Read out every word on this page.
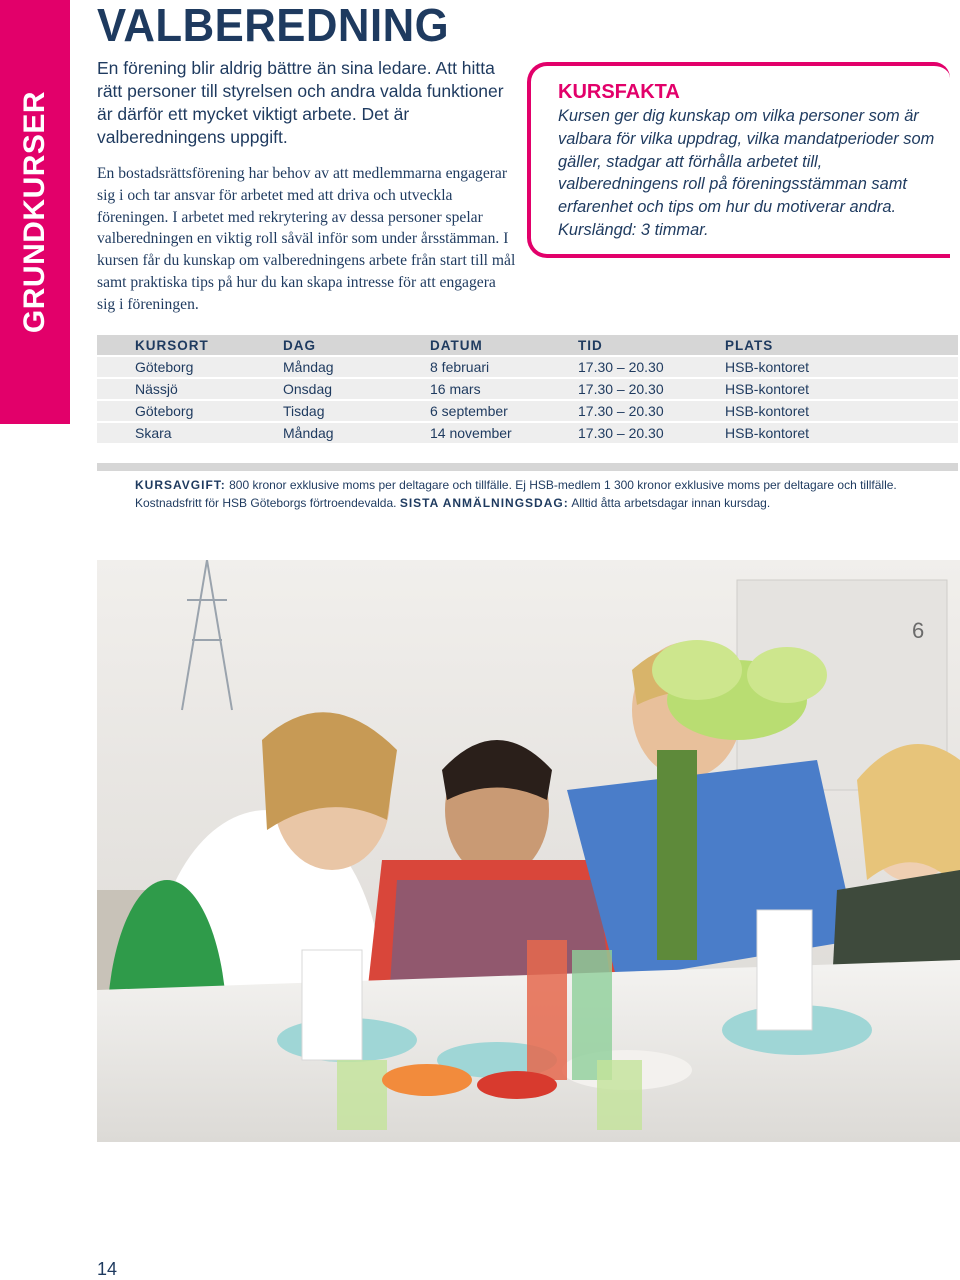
GRUNDKURSER
VALBEREDNING

En förening blir aldrig bättre än sina ledare. Att hitta rätt personer till styrelsen och andra valda funktioner är därför ett mycket viktigt arbete. Det är valberedningens uppgift.

En bostadsrättsförening har behov av att medlemmarna engagerar sig i och tar ansvar för arbetet med att driva och utveckla föreningen. I arbetet med rekrytering av dessa personer spelar valberedningen en viktig roll såväl inför som under årsstämman. I kursen får du kunskap om valberedningens arbete från start till mål samt praktiska tips på hur du kan skapa intresse för att engagera sig i föreningen.

KURSFAKTA

Kursen ger dig kunskap om vilka personer som är valbara för vilka uppdrag, vilka mandatperioder som gäller, stadgar att förhålla arbetet till, valberedningens roll på föreningsstämman samt erfarenhet och tips om hur du motiverar andra. Kurslängd: 3 timmar.

KURSORT	DAG	DATUM	TID	PLATS
Göteborg	Måndag	8 februari	17.30 – 20.30	HSB-kontoret
Nässjö	Onsdag	16 mars	17.30 – 20.30	HSB-kontoret
Göteborg	Tisdag	6 september	17.30 – 20.30	HSB-kontoret
Skara	Måndag	14 november	17.30 – 20.30	HSB-kontoret

KURSAVGIFT: 800 kronor exklusive moms per deltagare och tillfälle. Ej HSB-medlem 1 300 kronor exklusive moms per deltagare och tillfälle. Kostnadsfritt för HSB Göteborgs förtroendevalda. SISTA ANMÄLNINGSDAG: Alltid åtta arbetsdagar innan kursdag.

6
14
